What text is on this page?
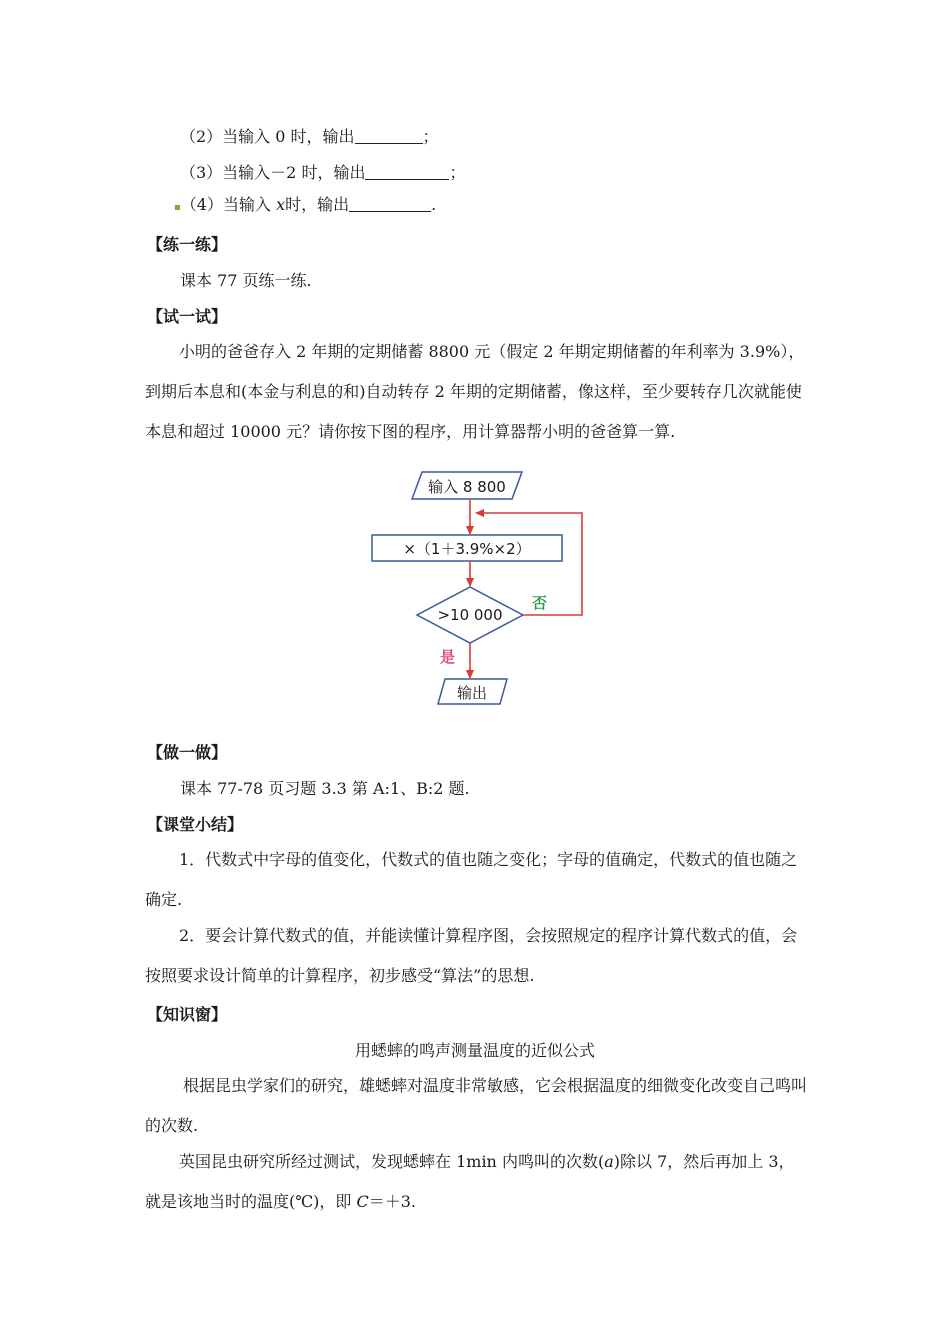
（2）当输入 0 时，输出	；
（3）当输入－2 时，输出	；
▪（4）当输入 x时，输出	.
【练一练】
课本 77 页练一练.
【试一试】
小明的爸爸存入 2 年期的定期储蓄 8800 元（假定 2 年期定期储蓄的年利率为 3.9%），到期后本息和(本金与利息的和)自动转存 2 年期的定期储蓄，像这样，至少要转存几次就能使本息和超过 10000 元？请你按下图的程序，用计算器帮小明的爸爸算一算.
输入 8 800
×（1＋3.9%×2）
>10 000
否
是
输出
【做一做】
课本 77-78 页习题 3.3 第 A:1、B:2 题.
【课堂小结】
1．代数式中字母的值变化，代数式的值也随之变化；字母的值确定，代数式的值也随之确定.
2．要会计算代数式的值，并能读懂计算程序图，会按照规定的程序计算代数式的值，会按照要求设计简单的计算程序，初步感受“算法”的思想.
【知识窗】
用蟋蟀的鸣声测量温度的近似公式
根据昆虫学家们的研究，雄蟋蟀对温度非常敏感，它会根据温度的细微变化改变自己鸣叫的次数.
英国昆虫研究所经过测试，发现蟋蟀在 1min 内鸣叫的次数(a)除以 7，然后再加上 3，就是该地当时的温度(℃)，即 C＝＋3.
